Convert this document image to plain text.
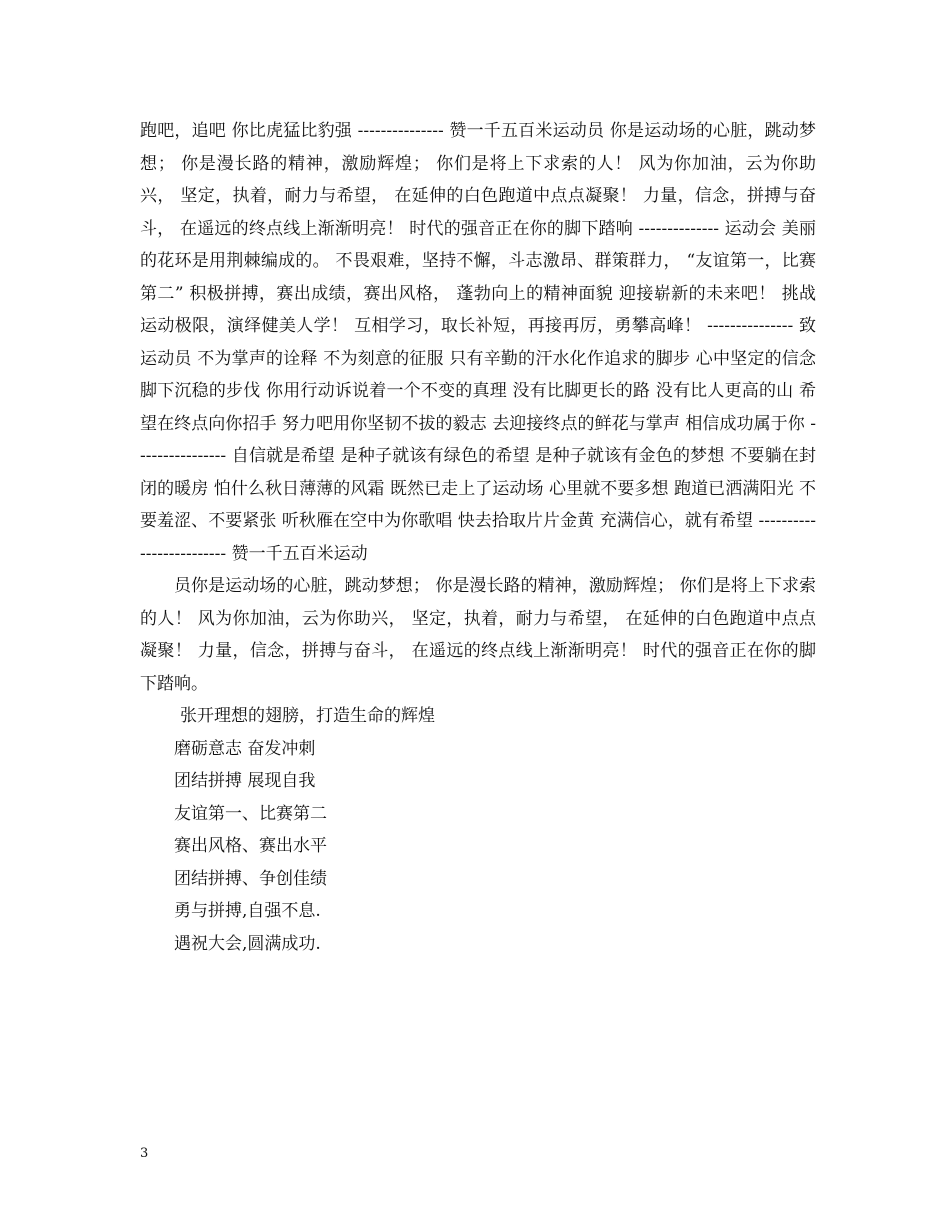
跑吧，追吧 你比虎猛比豹强 --------------- 赞一千五百米运动员 你是运动场的心脏，跳动梦想； 你是漫长路的精神，激励辉煌； 你们是将上下求索的人！ 风为你加油，云为你助兴， 坚定，执着，耐力与希望， 在延伸的白色跑道中点点凝聚！ 力量，信念，拼搏与奋斗， 在遥远的终点线上渐渐明亮！ 时代的强音正在你的脚下踏响 -------------- 运动会 美丽的花环是用荆棘编成的。 不畏艰难，坚持不懈，斗志激昂、群策群力， “友谊第一，比赛第二” 积极拼搏，赛出成绩，赛出风格， 蓬勃向上的精神面貌 迎接崭新的未来吧！ 挑战运动极限，演绎健美人学！ 互相学习，取长补短，再接再厉，勇攀高峰！ --------------- 致运动员 不为掌声的诠释 不为刻意的征服 只有辛勤的汗水化作追求的脚步 心中坚定的信念 脚下沉稳的步伐 你用行动诉说着一个不变的真理 没有比脚更长的路 没有比人更高的山 希望在终点向你招手 努力吧用你坚韧不拔的毅志 去迎接终点的鲜花与掌声 相信成功属于你 ---------------- 自信就是希望 是种子就该有绿色的希望 是种子就该有金色的梦想 不要躺在封闭的暖房 怕什么秋日薄薄的风霜 既然已走上了运动场 心里就不要多想 跑道已洒满阳光 不要羞涩、不要紧张 听秋雁在空中为你歌唱 快去拾取片片金黄 充满信心，就有希望 ------------------------- 赞一千五百米运动

员你是运动场的心脏，跳动梦想； 你是漫长路的精神，激励辉煌； 你们是将上下求索的人！ 风为你加油，云为你助兴， 坚定，执着，耐力与希望， 在延伸的白色跑道中点点凝聚！ 力量，信念，拼搏与奋斗， 在遥远的终点线上渐渐明亮！ 时代的强音正在你的脚下踏响。

张开理想的翅膀，打造生命的辉煌
磨砺意志 奋发冲刺
团结拼搏 展现自我
友谊第一、比赛第二
赛出风格、赛出水平
团结拼搏、争创佳绩
勇与拼搏,自强不息.
遇祝大会,圆满成功.
3
